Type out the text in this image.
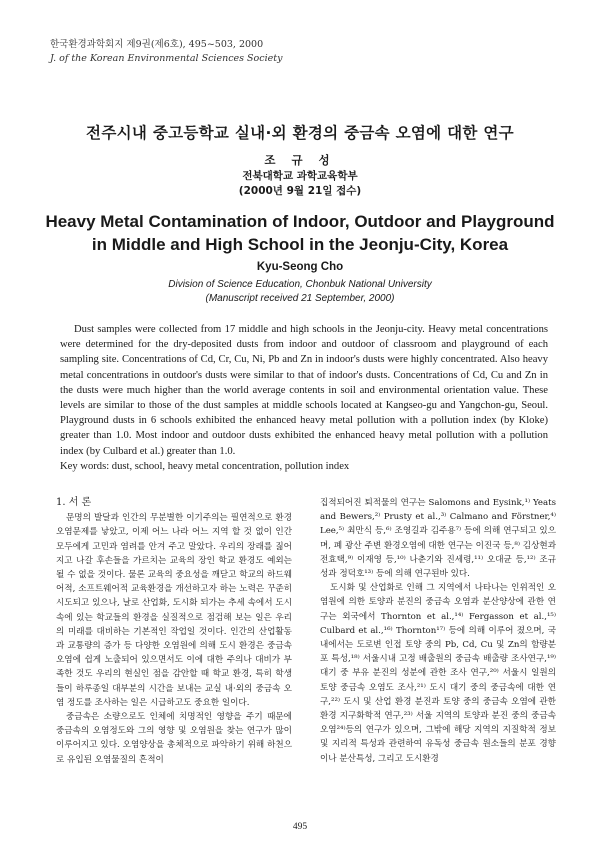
한국환경과학회지 제9권(제6호), 495~503, 2000
J. of the Korean Environmental Sciences Society
전주시내 중고등학교 실내·외 환경의 중금속 오염에 대한 연구
조 규 성
전북대학교 과학교육학부
(2000년 9월 21일 접수)
Heavy Metal Contamination of Indoor, Outdoor and Playground in Middle and High School in the Jeonju-City, Korea
Kyu-Seong Cho
Division of Science Education, Chonbuk National University
(Manuscript received 21 September, 2000)
Dust samples were collected from 17 middle and high schools in the Jeonju-city. Heavy metal concentrations were determined for the dry-deposited dusts from indoor and outdoor of classroom and playground of each sampling site. Concentrations of Cd, Cr, Cu, Ni, Pb and Zn in indoor's dusts were highly concentrated. Also heavy metal concentrations in outdoor's dusts were similar to that of indoor's dusts. Concentrations of Cd, Cu and Zn in the dusts were much higher than the world average contents in soil and environmental orientation value. These levels are similar to those of the dust samples at middle schools located at Kangseo-gu and Yangchon-gu, Seoul. Playground dusts in 6 schools exhibited the enhanced heavy metal pollution with a pollution index (by Kloke) greater than 1.0. Most indoor and outdoor dusts exhibited the enhanced heavy metal pollution with a pollution index (by Culbard et al.) greater than 1.0.
Key words: dust, school, heavy metal concentration, pollution index

1. 서 론

문명의 발달과 인간의 무분별한 이기주의는 필연적으로 환경오염문제를 낳았고, 이제 어느 나라 어느 지역 할 것 없이 인간 모두에게 고민과 염려를 안겨 주고 말았다. 우리의 장래를 짊어지고 나갈 후손들을 가르치는 교육의 장인 학교 환경도 예외는 될 수 없을 것이다. 물론 교육의 중요성을 깨닫고 학교의 하드웨어적, 소프트웨어적 교육환경을 개선하고자 하는 노력은 꾸준히 시도되고 있으나, 날로 산업화, 도시화 되가는 추세 속에서 도시 속에 있는 학교들의 환경을 실질적으로 점검해 보는 일은 우리의 미래를 대비하는 기본적인 작업일 것이다. 인간의 산업활동과 교통량의 증가 등 다양한 오염원에 의해 도시 환경은 중금속 오염에 쉽게 노출되어 있으면서도 이에 대한 주의나 대비가 부족한 것도 우리의 현실인 점을 감안할 때 학교 환경, 특히 학생들이 하루종일 대부분의 시간을 보내는 교실 내·외의 중금속 오염 정도를 조사하는 일은 시급하고도 중요한 일이다.

중금속은 소량으로도 인체에 치명적인 영향을 주기 때문에 중금속의 오염정도와 그의 영향 및 오염원을 찾는 연구가 많이 이루어지고 있다. 오염양상을 총체적으로 파악하기 위해 하천으로 유입된 오염물질의 흔적이

집적되어진 퇴적물의 연구는 Salomons and Eysink,¹⁾ Yeats and Bewers,²⁾ Prusty et al.,³⁾ Calmano and Förstner,⁴⁾ Lee,⁵⁾ 최만식 등,⁶⁾ 조영길과 김주용⁷⁾ 등에 의해 연구되고 있으며, 폐 광산 주변 환경오염에 대한 연구는 이진국 등,⁸⁾ 김상현과 전효택,⁹⁾ 이재영 등,¹⁰⁾ 나춘기와 진세령,¹¹⁾ 오대균 등,¹²⁾ 조규성과 정덕호¹³⁾ 등에 의해 연구된바 있다.

도시화 및 산업화로 인해 그 지역에서 나타나는 인위적인 오염원에 의한 토양과 분진의 중금속 오염과 분산양상에 관한 연구는 외국에서 Thornton et al.,¹⁴⁾ Fergasson et al.,¹⁵⁾ Culbard et al.,¹⁶⁾ Thornton¹⁷⁾ 등에 의해 이루어 졌으며, 국내에서는 도로변 인접 토양 중의 Pb, Cd, Cu 및 Zn의 함량분포 특성,¹⁸⁾ 서울시내 고정 배출원의 중금속 배출량 조사연구,¹⁹⁾ 대기 중 부유 분진의 성분에 관한 조사 연구,²⁰⁾ 서울시 일원의 토양 중금속 오염도 조사,²¹⁾ 도시 대기 중의 중금속에 대한 연구,²²⁾ 도시 및 산업 환경 분진과 토양 중의 중금속 오염에 관한 환경 지구화학적 연구,²³⁾ 서울 지역의 토양과 분진 중의 중금속 오염²⁴⁾등의 연구가 있으며, 그밖에 해당 지역의 지질학적 정보 및 지리적 특성과 관련하여 유독성 중금속 원소들의 분포 경향이나 분산특성, 그리고 도시환경

495
